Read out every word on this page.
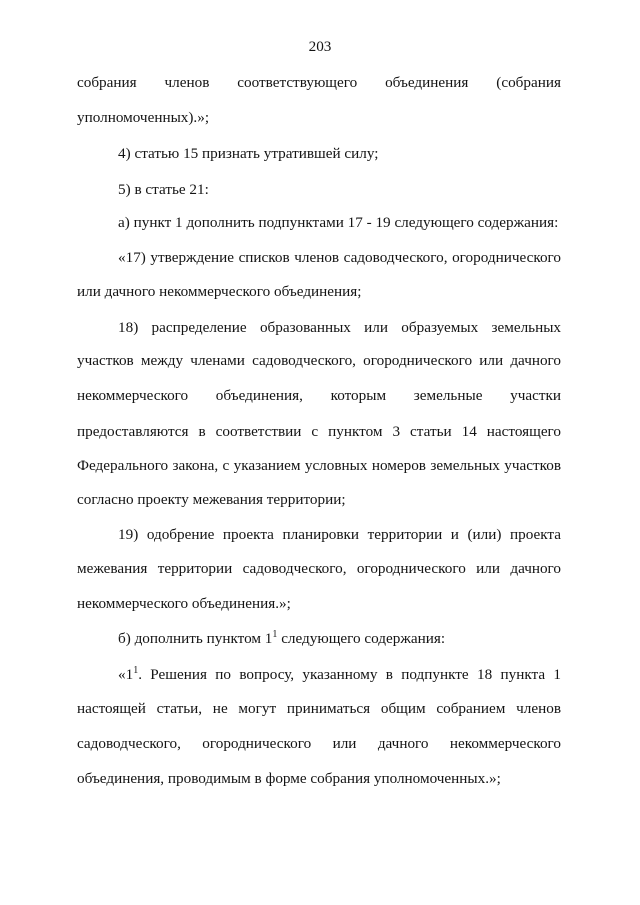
203
собрания членов соответствующего объединения (собрания
уполномоченных).»;
4) статью 15 признать утратившей силу;
5) в статье 21:
а) пункт 1 дополнить подпунктами 17 - 19 следующего содержания:
«17) утверждение списков членов садоводческого, огороднического
или дачного некоммерческого объединения;
18) распределение образованных или образуемых земельных
участков между членами садоводческого, огороднического или дачного
некоммерческого объединения, которым земельные участки
предоставляются в соответствии с пунктом 3 статьи 14 настоящего
Федерального закона, с указанием условных номеров земельных участков
согласно проекту межевания территории;
19) одобрение проекта планировки территории и (или) проекта
межевания территории садоводческого, огороднического или дачного
некоммерческого объединения.»;
б) дополнить пунктом $1^1$ следующего содержания:
«$1^1$. Решения по вопросу, указанному в подпункте 18 пункта 1
настоящей статьи, не могут приниматься общим собранием членов
садоводческого, огороднического или дачного некоммерческого
объединения, проводимым в форме собрания уполномоченных.»;
